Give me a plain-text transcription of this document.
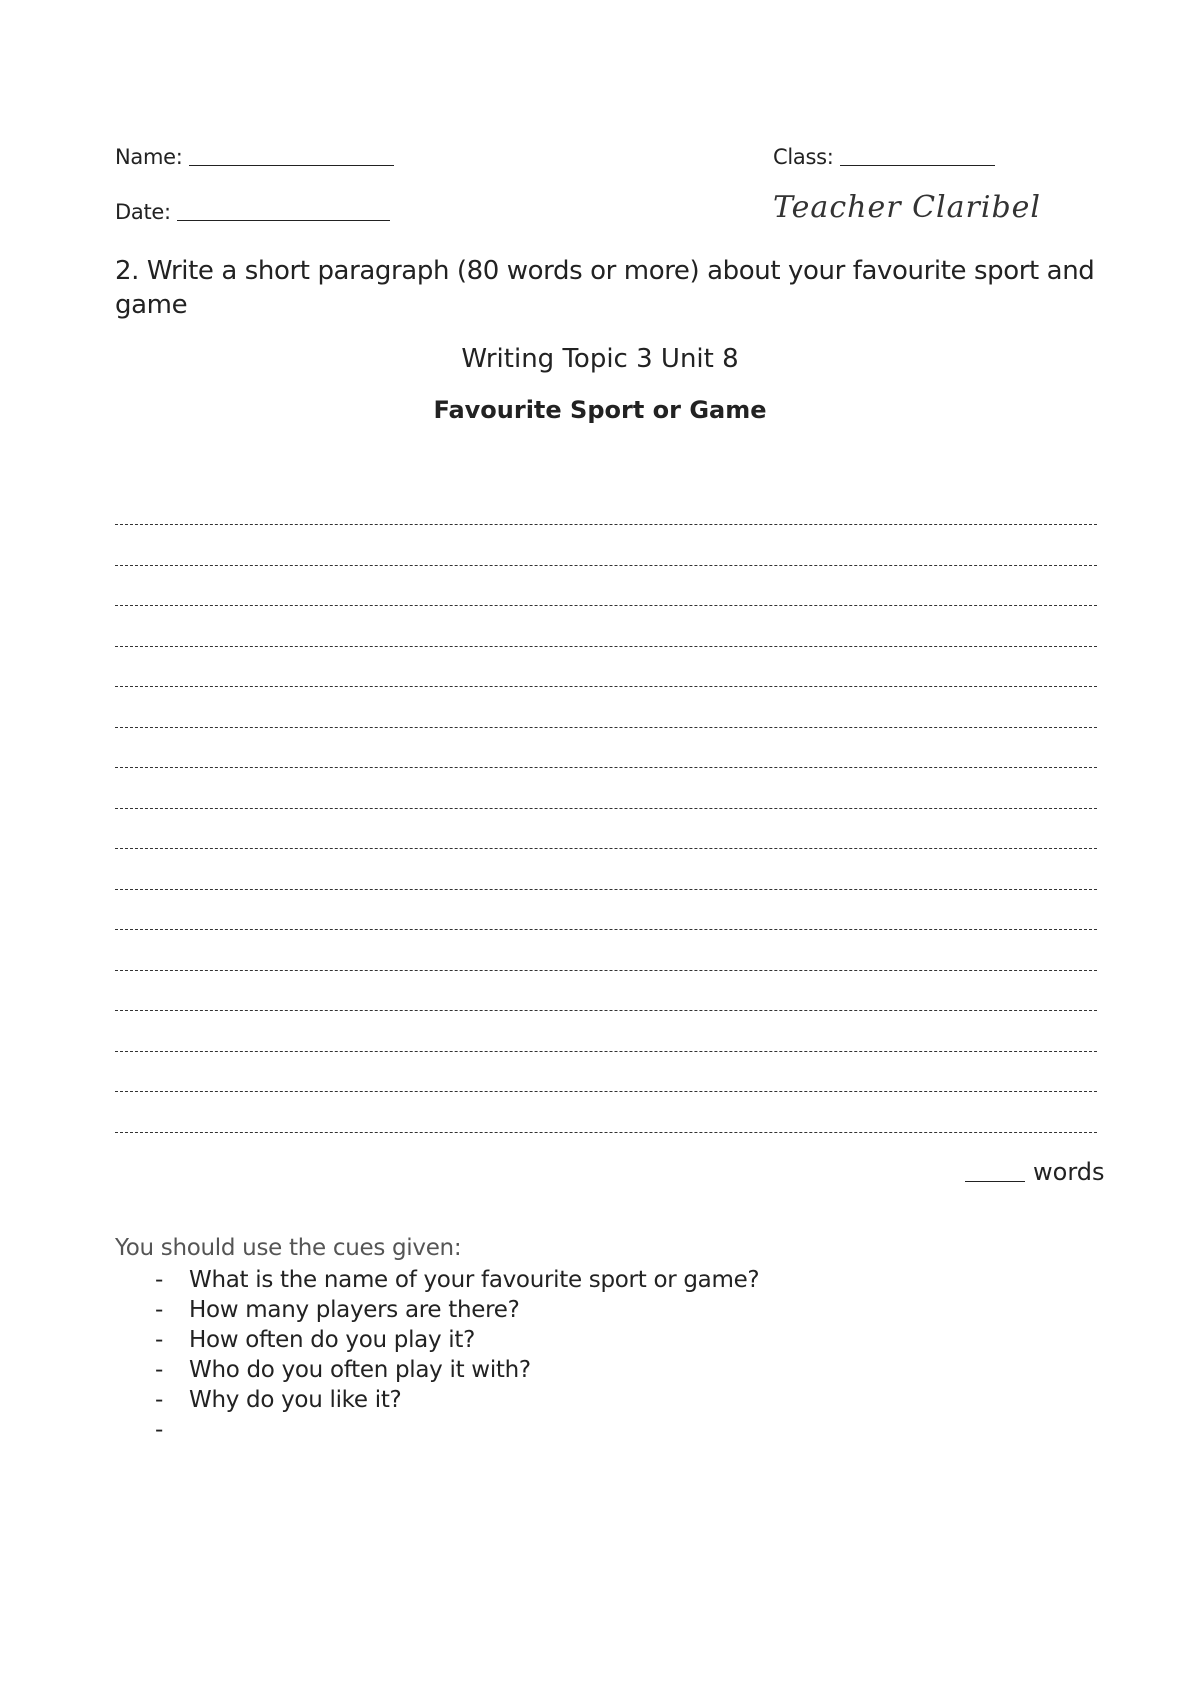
Name:	Class:
Date:	Teacher Claribel
2. Write a short paragraph (80 words or more) about your favourite sport and game
Writing Topic 3 Unit 8
Favourite Sport or Game
words
You should use the cues given:
-	What is the name of your favourite sport or game?
-	How many players are there?
-	How often do you play it?
-	Who do you often play it with?
-	Why do you like it?
-
